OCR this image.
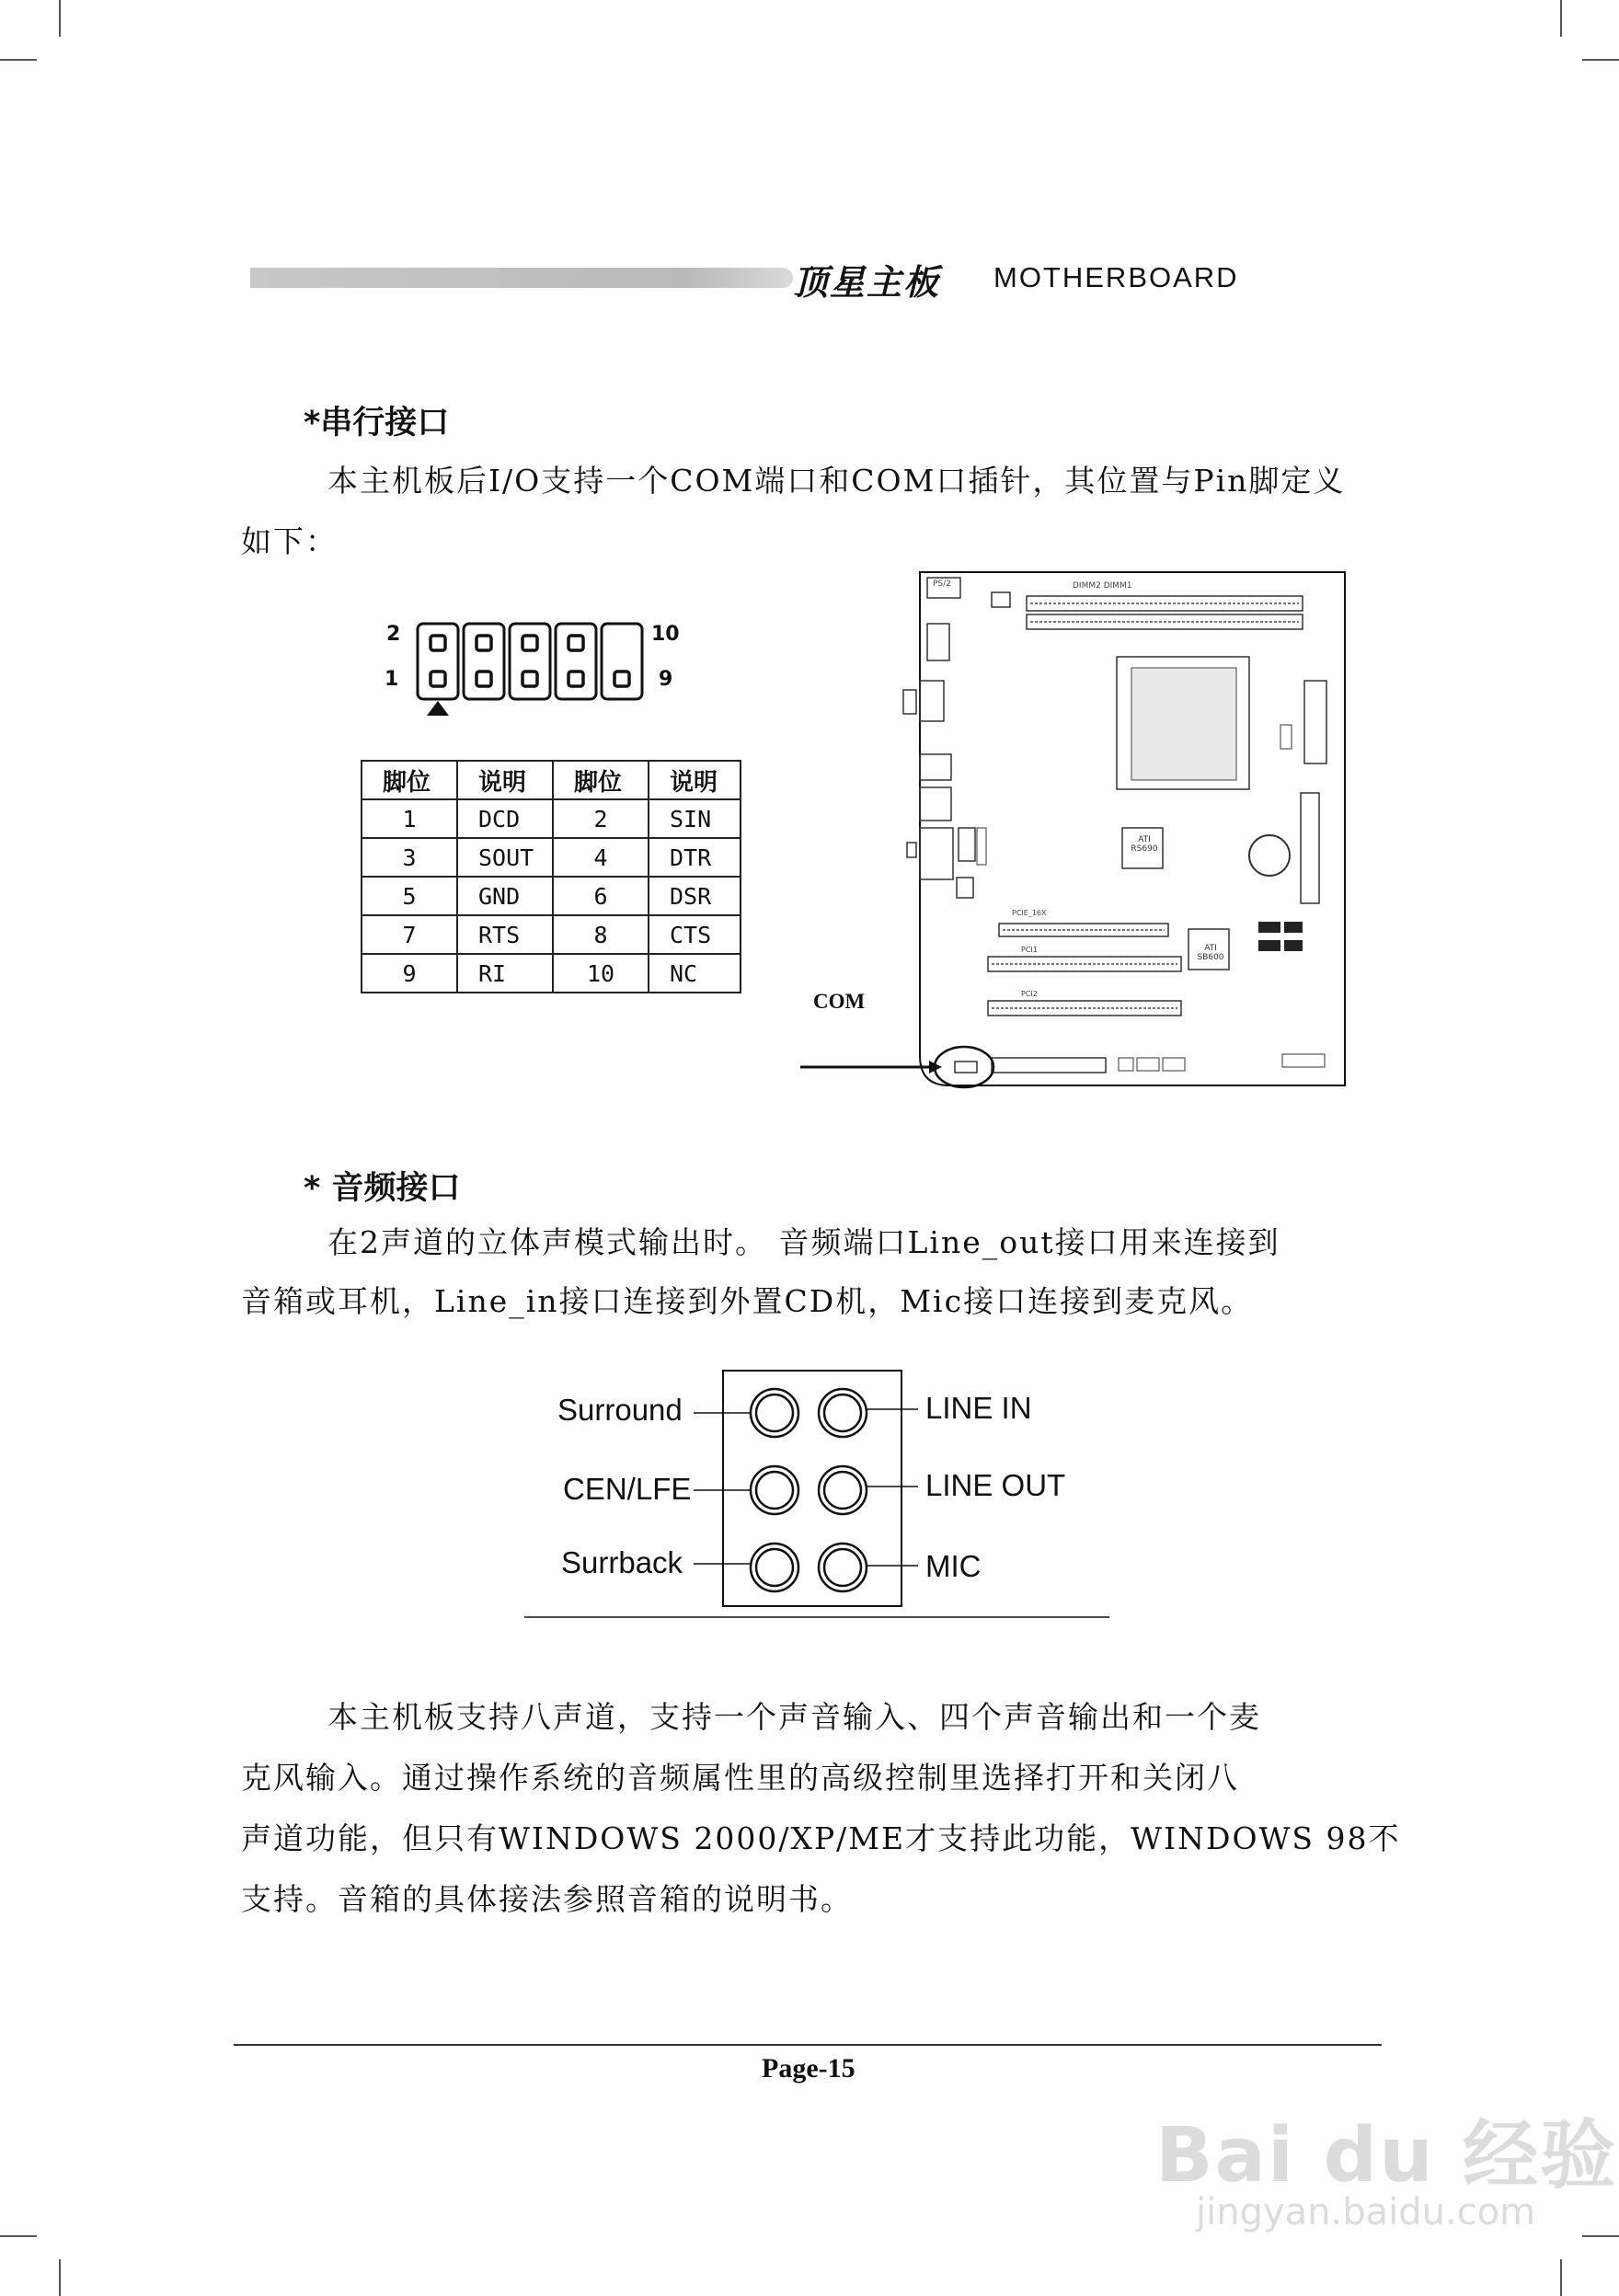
顶星主板 MOTHERBOARD
*串行接口
本主机板后I/O支持一个COM端口和COM口插针，其位置与Pin脚定义
如下：
2
1
10
9
脚位	说明	脚位	说明
1	DCD	2	SIN
3	SOUT	4	DTR
5	GND	6	DSR
7	RTS	8	CTS
9	RI	10	NC
COM
PS/2	DIMM2 DIMM1
ATI RS690
ATI SB600
PCIE_16X
PCI1
PCI2
* 音频接口
在2声道的立体声模式输出时。 音频端口Line_out接口用来连接到
音箱或耳机，Line_in接口连接到外置CD机，Mic接口连接到麦克风。
Surround
CEN/LFE
Surrback
LINE IN
LINE OUT
MIC
本主机板支持八声道，支持一个声音输入、四个声音输出和一个麦
克风输入。通过操作系统的音频属性里的高级控制里选择打开和关闭八
声道功能，但只有WINDOWS 2000/XP/ME才支持此功能，WINDOWS 98不
支持。音箱的具体接法参照音箱的说明书。
Page-15
Bai du 经验
jingyan.baidu.com
